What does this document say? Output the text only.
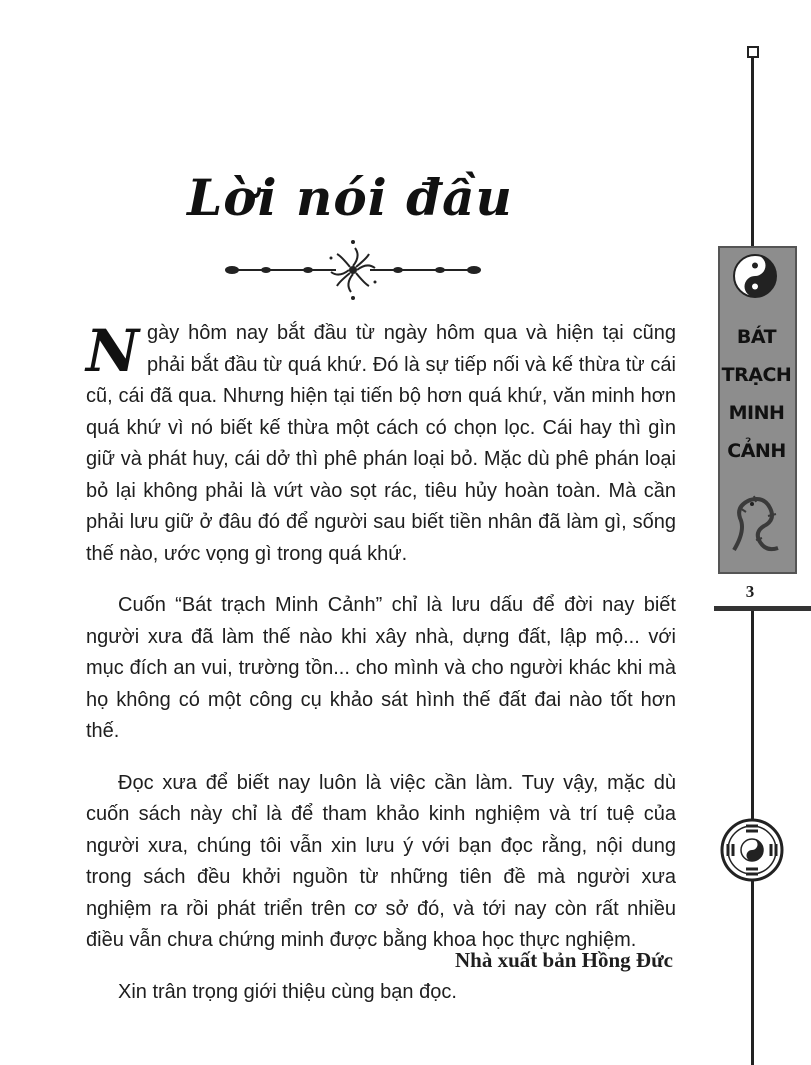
Lời nói đầu

Ngày hôm nay bắt đầu từ ngày hôm qua và hiện tại cũng phải bắt đầu từ quá khứ. Đó là sự tiếp nối và kế thừa từ cái cũ, cái đã qua. Nhưng hiện tại tiến bộ hơn quá khứ, văn minh hơn quá khứ vì nó biết kế thừa một cách có chọn lọc. Cái hay thì gìn giữ và phát huy, cái dở thì phê phán loại bỏ. Mặc dù phê phán loại bỏ lại không phải là vứt vào sọt rác, tiêu hủy hoàn toàn. Mà cần phải lưu giữ ở đâu đó để người sau biết tiền nhân đã làm gì, sống thế nào, ước vọng gì trong quá khứ.

Cuốn “Bát trạch Minh Cảnh” chỉ là lưu dấu để đời nay biết người xưa đã làm thế nào khi xây nhà, dựng đất, lập mộ... với mục đích an vui, trường tồn... cho mình và cho người khác khi mà họ không có một công cụ khảo sát hình thế đất đai nào tốt hơn thế.

Đọc xưa để biết nay luôn là việc cần làm. Tuy vậy, mặc dù cuốn sách này chỉ là để tham khảo kinh nghiệm và trí tuệ của người xưa, chúng tôi vẫn xin lưu ý với bạn đọc rằng, nội dung trong sách đều khởi nguồn từ những tiên đề mà người xưa nghiệm ra rồi phát triển trên cơ sở đó, và tới nay còn rất nhiều điều vẫn chưa chứng minh được bằng khoa học thực nghiệm.

Xin trân trọng giới thiệu cùng bạn đọc.

Nhà xuất bản Hồng Đức
BÁT
TRẠCH
MINH
CẢNH
3
